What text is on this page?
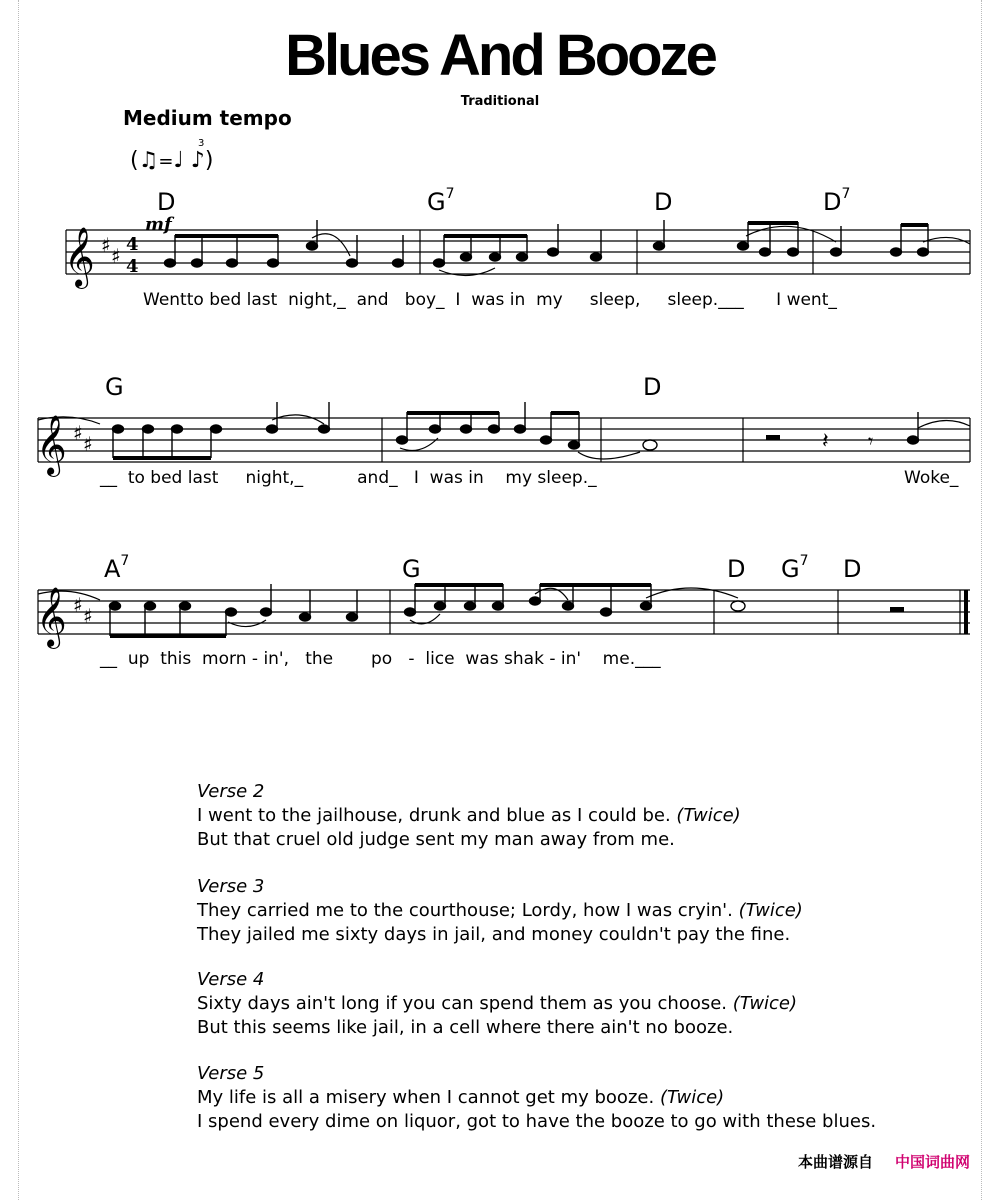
Blues And Booze
Traditional
Medium tempo
(♫=♩ ♪)
3
D	$G^7$	D	$D^7$
mf
𝄞 ♯ ♯ 4
4
Wentto bed last night,_ and boy_ I was in my sleep, sleep.___ I went_
G	D
𝄞 ♯ ♯	𝄽 𝄾
__ to bed last night,_	and_ I was in my sleep._	Woke_
$A^7$	G	D $G^7$ D
𝄞 ♯ ♯
__ up this morn - in', the po - lice was shak - in' me.___
Verse 2
I went to the jailhouse, drunk and blue as I could be. (Twice)
But that cruel old judge sent my man away from me.
Verse 3
They carried me to the courthouse; Lordy, how I was cryin'. (Twice)
They jailed me sixty days in jail, and money couldn't pay the fine.
Verse 4
Sixty days ain't long if you can spend them as you choose. (Twice)
But this seems like jail, in a cell where there ain't no booze.
Verse 5
My life is all a misery when I cannot get my booze. (Twice)
I spend every dime on liquor, got to have the booze to go with these blues.
本曲谱源自 中国词曲网
